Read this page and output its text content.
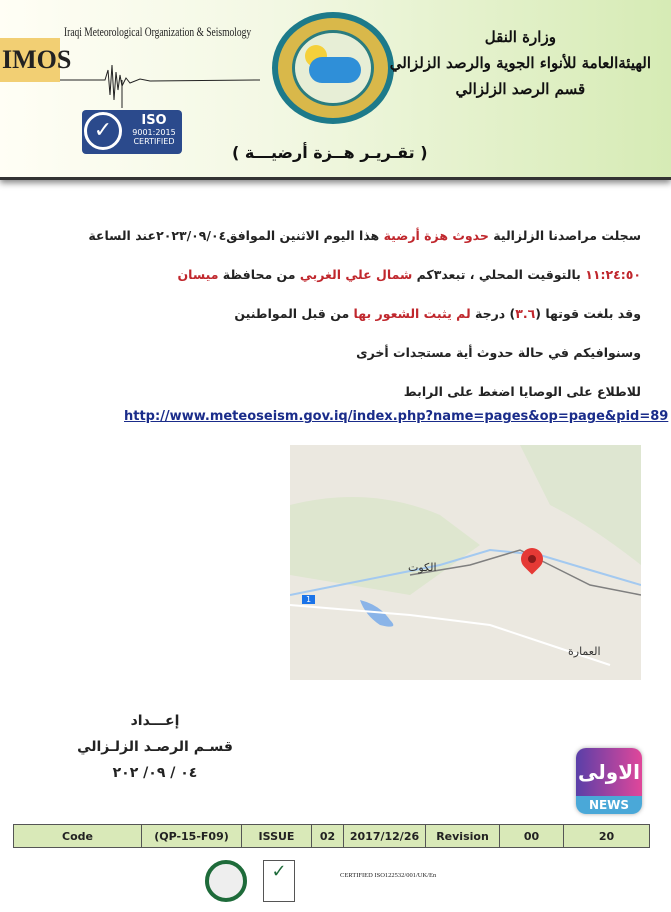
IMOS
✓	ISO
9001:2015
CERTIFIED
Iraqi Meteorological Organization & Seismology	وزارة النقل
الهيئةالعامة للأنواء الجوية والرصد الزلزالي
قسم الرصد الزلزالي
( تقـريـر هــزة أرضيـــة )
سجلت مراصدنا الزلزالية حدوث هزة أرضية هذا اليوم الاثنين الموافق٢٠٢٣/٠٩/٠٤عند الساعة
١١:٢٤:٥٠ بالتوقيت المحلي ، تبعد٣كم شمال علي الغربي من محافظة ميسان
وقد بلغت قوتها (٣.٦) درجة لم يثبت الشعور بها من قبل المواطنين
وسنوافيكم في حالة حدوث أية مستجدات أخرى
للاطلاع على الوصايا اضغط على الرابط
http://www.meteoseism.gov.iq/index.php?name=pages&op=page&pid=89
الكوت
العمارة
1
إعـــداد
قسـم الرصـد الزلـزالي
٠٤ / ٠٩/ ٢٠٢
Code	(QP-15-F09)	ISSUE	02	2017/12/26	Revision	00	20
✓	CERTIFIED ISO122532/001/UK/En
الاولى
NEWS
